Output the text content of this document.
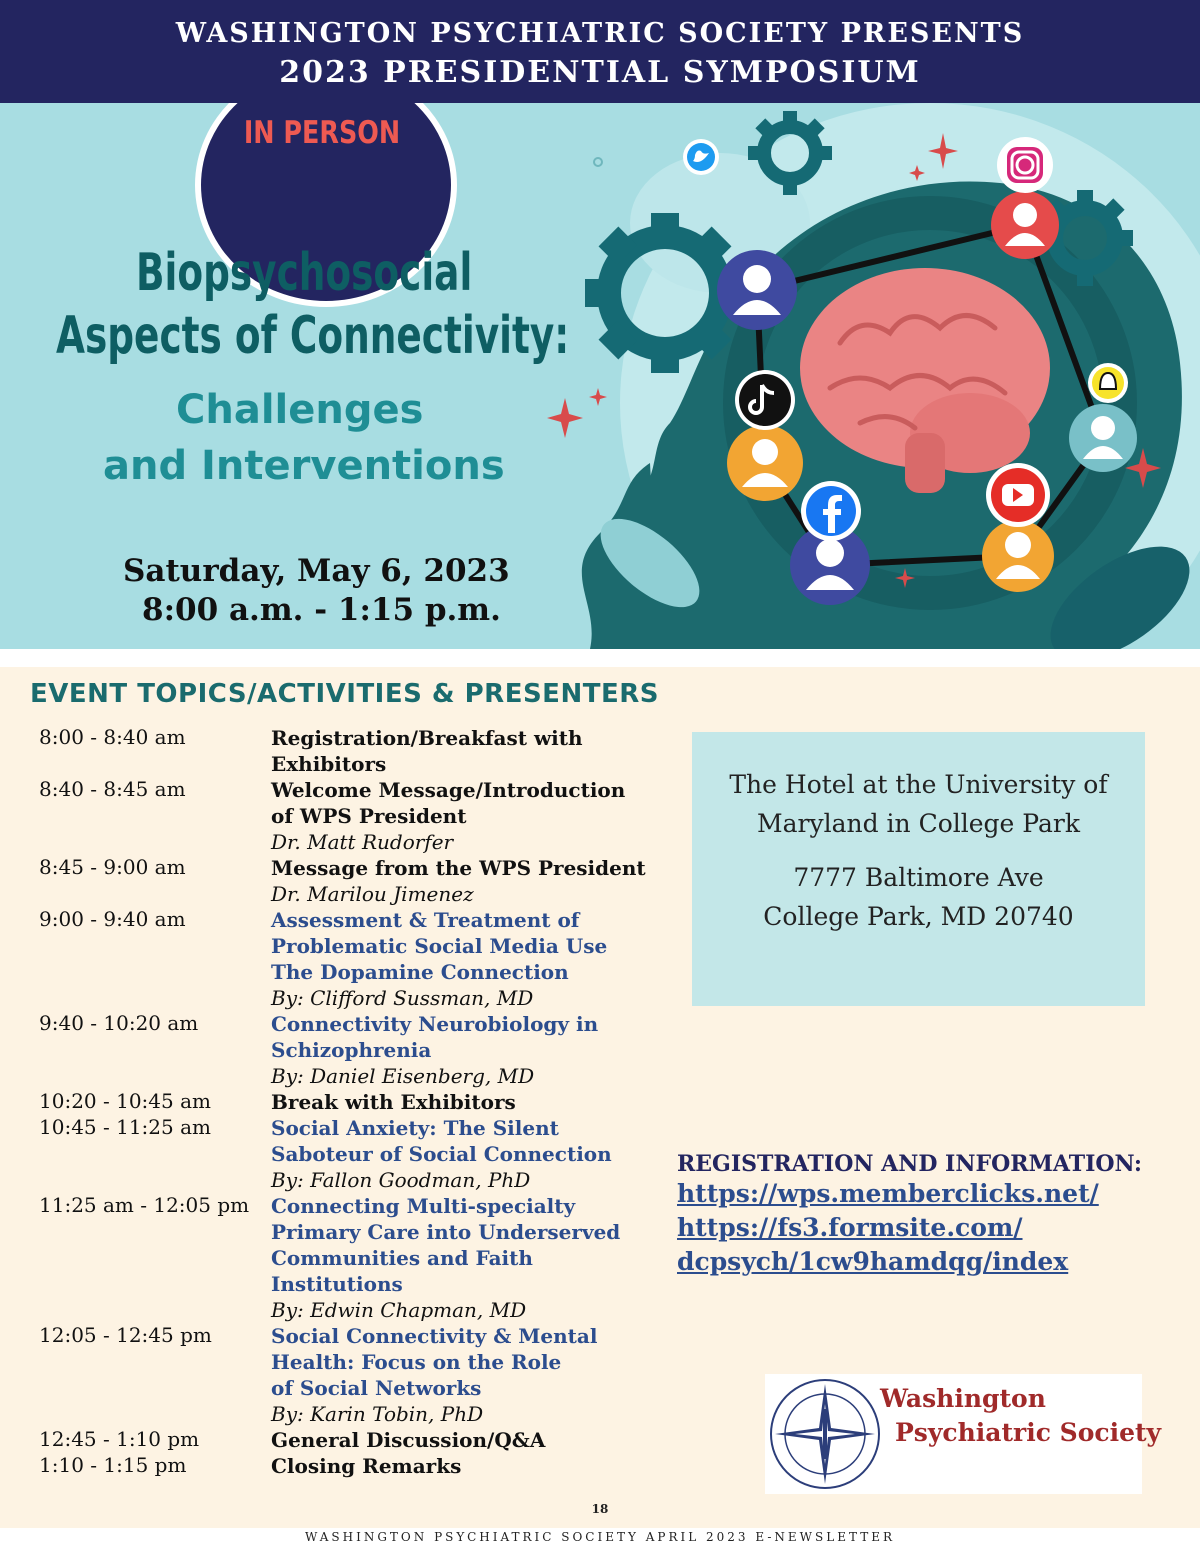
WASHINGTON PSYCHIATRIC SOCIETY PRESENTS
2023 PRESIDENTIAL SYMPOSIUM
IN PERSON
Biopsychosocial
Aspects of Connectivity:
Challenges
and Interventions
Saturday, May 6, 2023
8:00 a.m. - 1:15 p.m.
EVENT TOPICS/ACTIVITIES & PRESENTERS
8:00 - 8:40 am	Registration/Breakfast with
Exhibitors
8:40 - 8:45 am	Welcome Message/Introduction
of WPS President
Dr. Matt Rudorfer
8:45 - 9:00 am	Message from the WPS President
Dr. Marilou Jimenez
9:00 - 9:40 am	Assessment & Treatment of
Problematic Social Media Use
The Dopamine Connection
By: Clifford Sussman, MD
9:40 - 10:20 am	Connectivity Neurobiology in
Schizophrenia
By: Daniel Eisenberg, MD
10:20 - 10:45 am	Break with Exhibitors
10:45 - 11:25 am	Social Anxiety: The Silent
Saboteur of Social Connection
By: Fallon Goodman, PhD
11:25 am - 12:05 pm Connecting Multi-specialty
Primary Care into Underserved
Communities and Faith
Institutions
By: Edwin Chapman, MD
12:05 - 12:45 pm	Social Connectivity & Mental
Health: Focus on the Role
of Social Networks
By: Karin Tobin, PhD
12:45 - 1:10 pm	General Discussion/Q&A
1:10 - 1:15 pm	Closing Remarks
The Hotel at the University of
Maryland in College Park
7777 Baltimore Ave
College Park, MD 20740
REGISTRATION AND INFORMATION:
https://wps.memberclicks.net/
https://fs3.formsite.com/
dcpsych/1cw9hamdqg/index
Washington
Psychiatric Society
18
WASHINGTON PSYCHIATRIC SOCIETY APRIL 2023 E-NEWSLETTER
